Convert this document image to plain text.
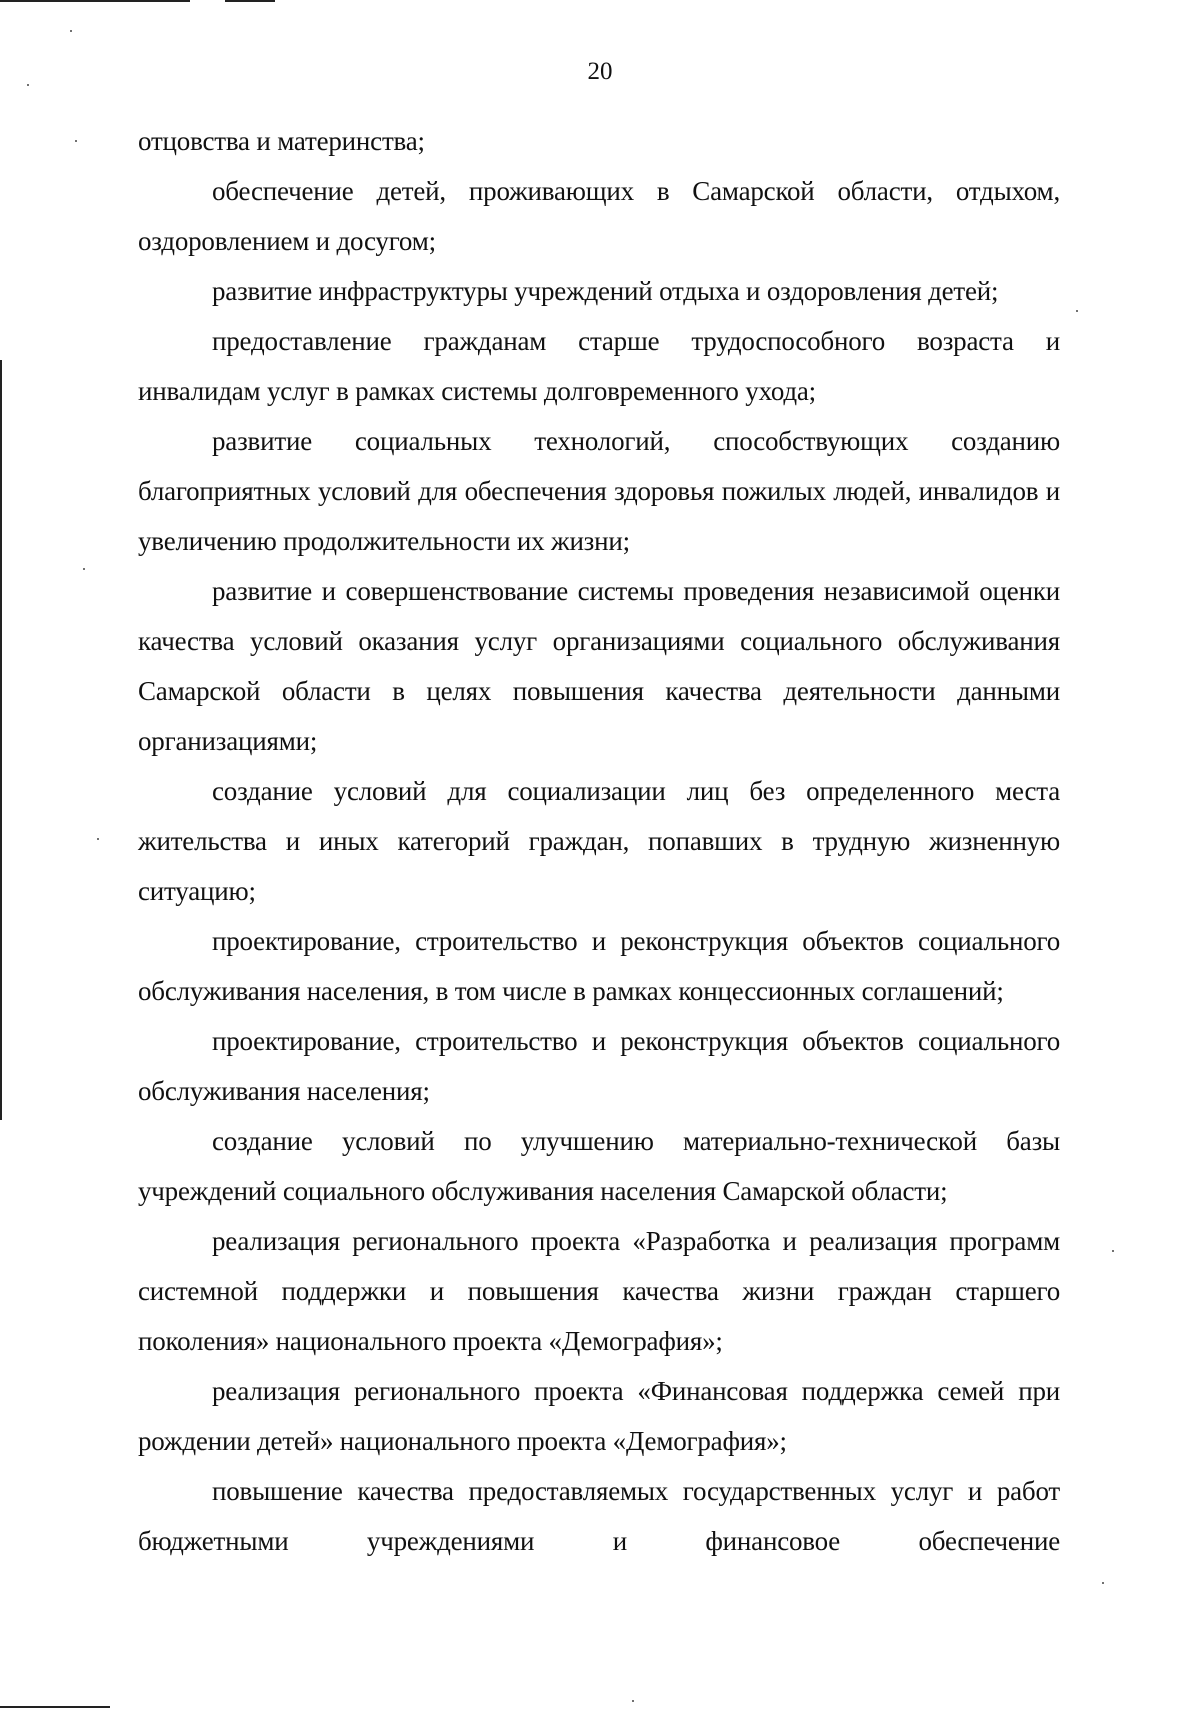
20

отцовства и материнства;

обеспечение детей, проживающих в Самарской области, отдыхом, оздоровлением и досугом;

развитие инфраструктуры учреждений отдыха и оздоровления детей;

предоставление гражданам старше трудоспособного возраста и инвалидам услуг в рамках системы долговременного ухода;

развитие социальных технологий, способствующих созданию благоприятных условий для обеспечения здоровья пожилых людей, инвалидов и увеличению продолжительности их жизни;

развитие и совершенствование системы проведения независимой оценки качества условий оказания услуг организациями социального обслуживания Самарской области в целях повышения качества деятельности данными организациями;

создание условий для социализации лиц без определенного места жительства и иных категорий граждан, попавших в трудную жизненную ситуацию;

проектирование, строительство и реконструкция объектов социального обслуживания населения, в том числе в рамках концессионных соглашений;

проектирование, строительство и реконструкция объектов социального обслуживания населения;

создание условий по улучшению материально-технической базы учреждений социального обслуживания населения Самарской области;

реализация регионального проекта «Разработка и реализация программ системной поддержки и повышения качества жизни граждан старшего поколения» национального проекта «Демография»;

реализация регионального проекта «Финансовая поддержка семей при рождении детей» национального проекта «Демография»;

повышение качества предоставляемых государственных услуг и работ бюджетными учреждениями и финансовое обеспечение
